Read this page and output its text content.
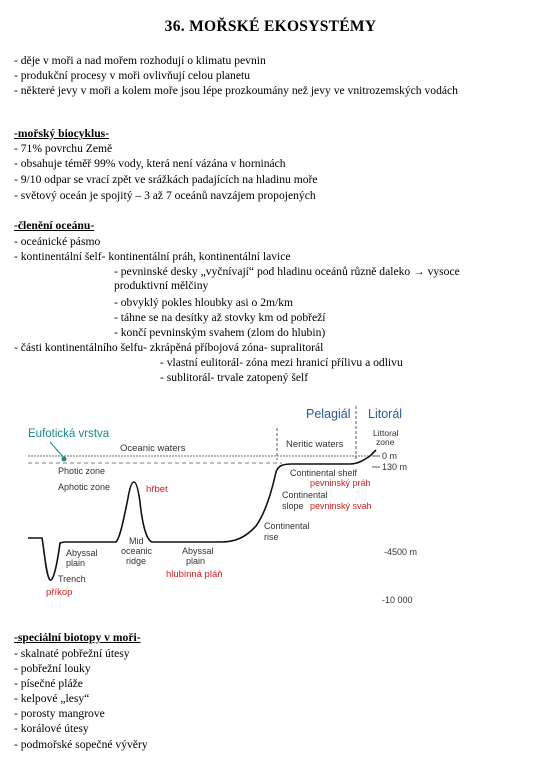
36. MOŘSKÉ EKOSYSTÉMY
- děje v moři a nad mořem rozhodují o klimatu pevnin
- produkční procesy v moři ovlivňují celou planetu
- některé jevy v moři a kolem moře jsou lépe prozkoumány než jevy ve vnitrozemských vodách
-mořský biocyklus-
- 71% povrchu Země
- obsahuje téměř 99% vody, která není vázána v horninách
- 9/10 odpar se vrací zpět ve srážkách padajících na hladinu moře
- světový oceán je spojitý – 3 až 7 oceánů navzájem propojených
-členění oceánu-
- oceánické pásmo
- kontinentální šelf- kontinentální práh, kontinentální lavice
- pevninské desky „vyčnívají“ pod hladinu oceánů různě daleko → vysoce produktivní mělčiny
- obvyklý pokles hloubky asi o 2m/km
- táhne se na desítky až stovky km od pobřeží
- končí pevninským svahem (zlom do hlubin)
- části kontinentálního šelfu- zkrápěná příbojová zóna- supralitorál
- vlastní eulitorál- zóna mezi hranicí přílivu a odlivu
- sublitorál- trvale zatopený šelf
Pelagiál Litorál
Eufotická vrstva
Oceanic waters	Neritic waters
Littoral
zone
0 m
130 m
Photic zone
Aphotic zone	hřbet
Continental shelf
pevninský práh
Continental
slope pevninský svah
Continental
rise
Mid
oceanic
ridge
Abyssal
plain
Abyssal
plain
hlubinná pláň
-4500 m
-10 000
Trench
příkop
-speciální biotopy v moři-
- skalnaté pobřežní útesy
- pobřežní louky
- písečné pláže
- kelpové „lesy“
- porosty mangrove
- korálové útesy
- podmořské sopečné vývěry
